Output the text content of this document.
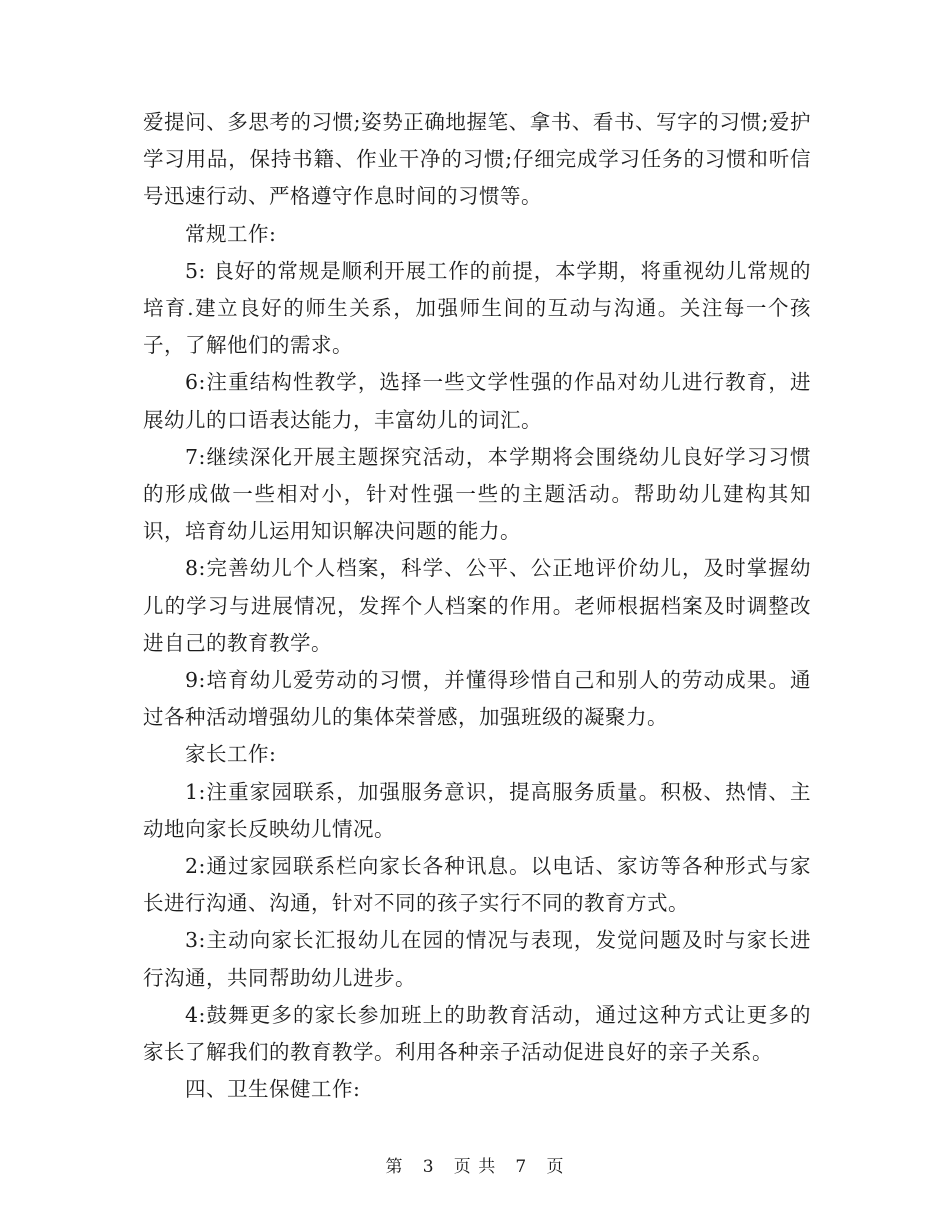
爱提问、多思考的习惯;姿势正确地握笔、拿书、看书、写字的习惯;爱护学习用品，保持书籍、作业干净的习惯;仔细完成学习任务的习惯和听信号迅速行动、严格遵守作息时间的习惯等。

常规工作:

5: 良好的常规是顺利开展工作的前提，本学期，将重视幼儿常规的培育.建立良好的师生关系，加强师生间的互动与沟通。关注每一个孩子，了解他们的需求。

6:注重结构性教学，选择一些文学性强的作品对幼儿进行教育，进展幼儿的口语表达能力，丰富幼儿的词汇。

7:继续深化开展主题探究活动，本学期将会围绕幼儿良好学习习惯的形成做一些相对小，针对性强一些的主题活动。帮助幼儿建构其知识，培育幼儿运用知识解决问题的能力。

8:完善幼儿个人档案，科学、公平、公正地评价幼儿，及时掌握幼儿的学习与进展情况，发挥个人档案的作用。老师根据档案及时调整改进自己的教育教学。

9:培育幼儿爱劳动的习惯，并懂得珍惜自己和别人的劳动成果。通过各种活动增强幼儿的集体荣誉感，加强班级的凝聚力。

家长工作:

1:注重家园联系，加强服务意识，提高服务质量。积极、热情、主动地向家长反映幼儿情况。

2:通过家园联系栏向家长各种讯息。以电话、家访等各种形式与家长进行沟通、沟通，针对不同的孩子实行不同的教育方式。

3:主动向家长汇报幼儿在园的情况与表现，发觉问题及时与家长进行沟通，共同帮助幼儿进步。

4:鼓舞更多的家长参加班上的助教育活动，通过这种方式让更多的家长了解我们的教育教学。利用各种亲子活动促进良好的亲子关系。

四、卫生保健工作:

第 3 页 共 7 页
